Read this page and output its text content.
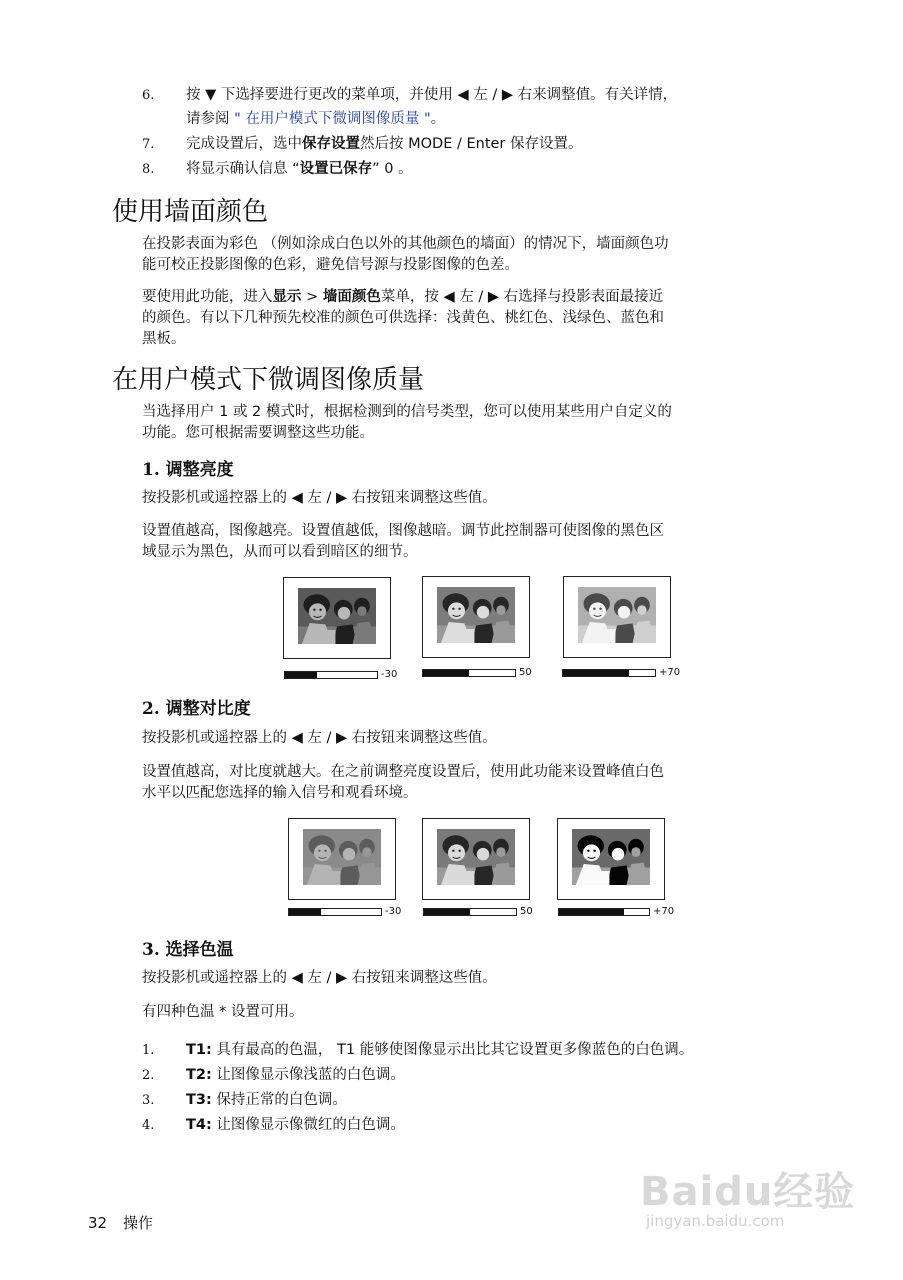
6. 按 ▼ 下选择要进行更改的菜单项，并使用 ◀ 左 / ▶ 右来调整值。有关详情，
请参阅 " 在用户模式下微调图像质量 "。
7. 完成设置后，选中保存设置然后按 MODE / Enter 保存设置。
8. 将显示确认信息 “设置已保存” 0 。
使用墙面颜色
在投影表面为彩色 （例如涂成白色以外的其他颜色的墙面）的情况下，墙面颜色功
能可校正投影图像的色彩，避免信号源与投影图像的色差。
要使用此功能，进入显示 > 墙面颜色菜单，按 ◀ 左 / ▶ 右选择与投影表面最接近
的颜色。有以下几种预先校准的颜色可供选择：浅黄色、桃红色、浅绿色、蓝色和
黑板。
在用户模式下微调图像质量
当选择用户 1 或 2 模式时，根据检测到的信号类型，您可以使用某些用户自定义的
功能。您可根据需要调整这些功能。
1. 调整亮度
按投影机或遥控器上的 ◀ 左 / ▶ 右按钮来调整这些值。
设置值越高，图像越亮。设置值越低，图像越暗。调节此控制器可使图像的黑色区
域显示为黑色，从而可以看到暗区的细节。
-30	50	+70
2. 调整对比度
按投影机或遥控器上的 ◀ 左 / ▶ 右按钮来调整这些值。
设置值越高，对比度就越大。在之前调整亮度设置后，使用此功能来设置峰值白色
水平以匹配您选择的输入信号和观看环境。
-30	50	+70
3. 选择色温
按投影机或遥控器上的 ◀ 左 / ▶ 右按钮来调整这些值。
有四种色温 * 设置可用。
1. T1: 具有最高的色温， T1 能够使图像显示出比其它设置更多像蓝色的白色调。
2. T2: 让图像显示像浅蓝的白色调。
3. T3: 保持正常的白色调。
4. T4: 让图像显示像微红的白色调。
32 操作
Baidu经验
jingyan.baidu.com
